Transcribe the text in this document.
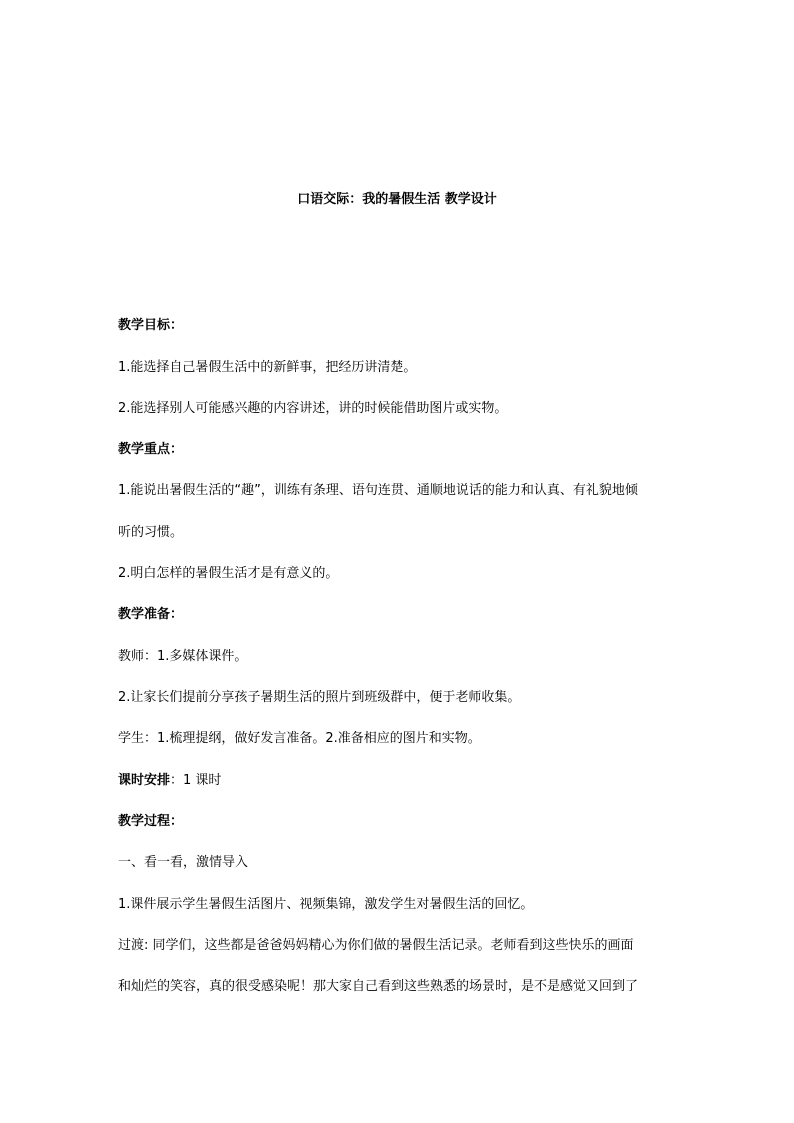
口语交际：我的暑假生活 教学设计
教学目标：
1.能选择自己暑假生活中的新鲜事，把经历讲清楚。
2.能选择别人可能感兴趣的内容讲述，讲的时候能借助图片或实物。
教学重点：
1.能说出暑假生活的“趣”，训练有条理、语句连贯、通顺地说话的能力和认真、有礼貌地倾
听的习惯。
2.明白怎样的暑假生活才是有意义的。
教学准备：
教师：1.多媒体课件。
2.让家长们提前分享孩子暑期生活的照片到班级群中，便于老师收集。
学生：1.梳理提纲，做好发言准备。2.准备相应的图片和实物。
课时安排：1 课时
教学过程：
一、看一看，激情导入
1.课件展示学生暑假生活图片、视频集锦，激发学生对暑假生活的回忆。
过渡: 同学们，这些都是爸爸妈妈精心为你们做的暑假生活记录。老师看到这些快乐的画面
和灿烂的笑容，真的很受感染呢！那大家自己看到这些熟悉的场景时，是不是感觉又回到了
